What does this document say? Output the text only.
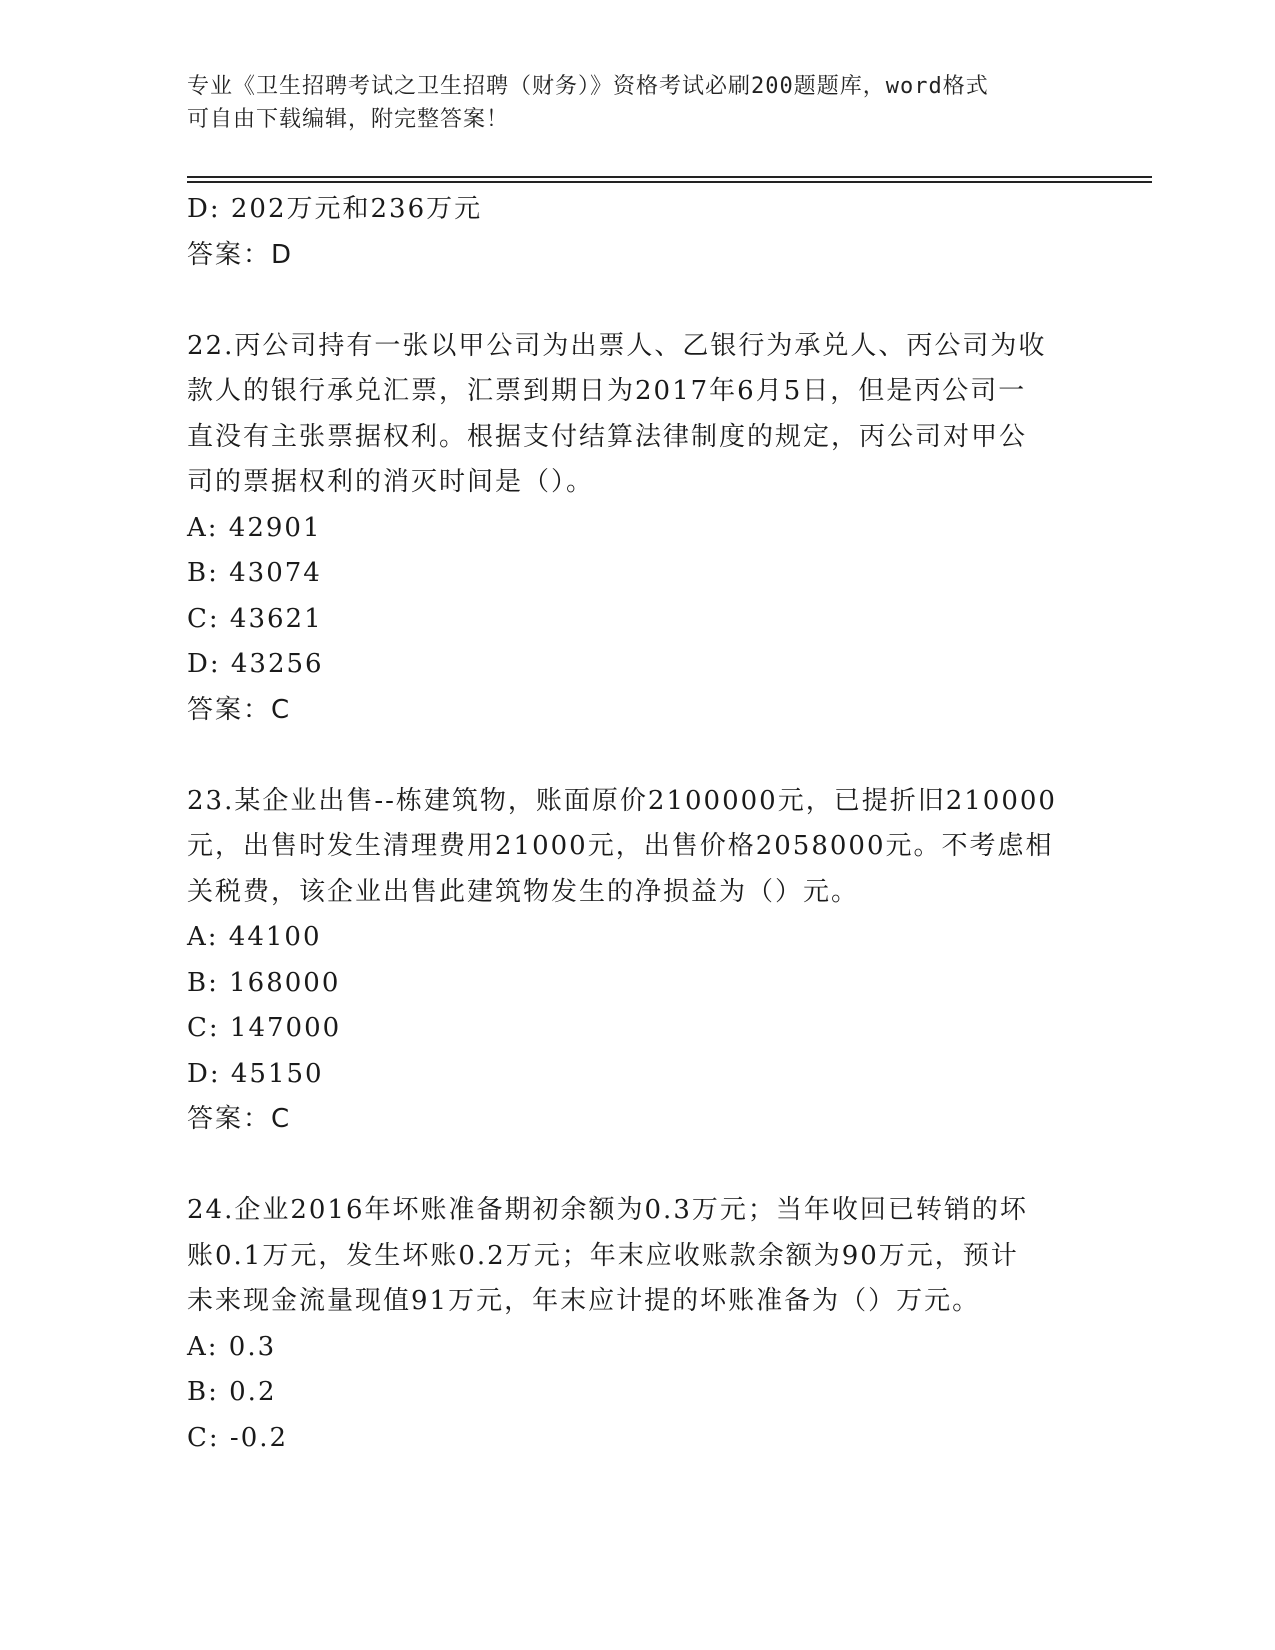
专业《卫生招聘考试之卫生招聘（财务）》资格考试必刷200题题库，word格式
可自由下载编辑，附完整答案！
D: 202万元和236万元
答案：D
22.丙公司持有一张以甲公司为出票人、乙银行为承兑人、丙公司为收
款人的银行承兑汇票，汇票到期日为2017年6月5日，但是丙公司一
直没有主张票据权利。根据支付结算法律制度的规定，丙公司对甲公
司的票据权利的消灭时间是（）。
A: 42901
B: 43074
C: 43621
D: 43256
答案：C
23.某企业出售--栋建筑物，账面原价2100000元，已提折旧210000
元，出售时发生清理费用21000元，出售价格2058000元。不考虑相
关税费，该企业出售此建筑物发生的净损益为（）元。
A: 44100
B: 168000
C: 147000
D: 45150
答案：C
24.企业2016年坏账准备期初余额为0.3万元；当年收回已转销的坏
账0.1万元，发生坏账0.2万元；年末应收账款余额为90万元，预计
未来现金流量现值91万元，年末应计提的坏账准备为（）万元。
A: 0.3
B: 0.2
C: -0.2
